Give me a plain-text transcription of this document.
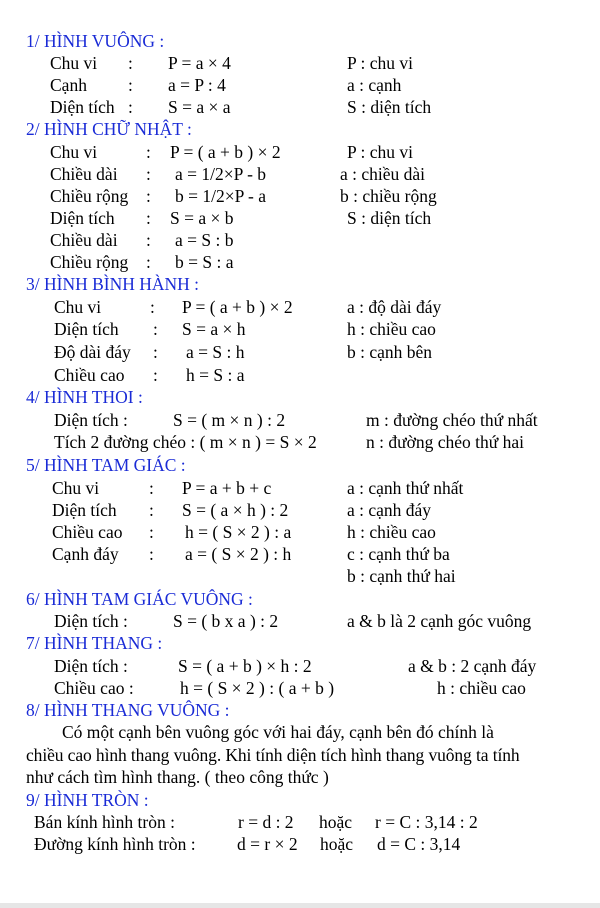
1/ HÌNH VUÔNG :
Chu vi : P = a × 4	P : chu vi
Cạnh : a = P : 4	a : cạnh
Diện tích : S = a × a	S : diện tích
2/ HÌNH CHỮ NHẬT :
Chu vi	: P = ( a + b ) × 2	P : chu vi
Chiều dài : a = 1/2×P - b	a : chiều dài
Chiều rộng : b = 1/2×P - a	b : chiều rộng
Diện tích : S = a × b	S : diện tích
Chiều dài : a = S : b
Chiều rộng : b = S : a
3/ HÌNH BÌNH HÀNH :
Chu vi	: P = ( a + b ) × 2	a : độ dài đáy
Diện tích : S = a × h	h : chiều cao
Độ dài đáy : a = S : h	b : cạnh bên
Chiều cao : h = S : a
4/ HÌNH THOI :
Diện tích :	S = ( m × n ) : 2	m : đường chéo thứ nhất
Tích 2 đường chéo : ( m × n ) = S × 2	n : đường chéo thứ hai
5/ HÌNH TAM GIÁC :
Chu vi	: P = a + b + c	a : cạnh thứ nhất
Diện tích : S = ( a × h ) : 2	a : cạnh đáy
Chiều cao : h = ( S × 2 ) : a	h : chiều cao
Cạnh đáy : a = ( S × 2 ) : h	c : cạnh thứ ba
b : cạnh thứ hai
6/ HÌNH TAM GIÁC VUÔNG :
Diện tích :	S = ( b x a ) : 2	a & b là 2 cạnh góc vuông
7/ HÌNH THANG :
Diện tích :	S = ( a + b ) × h : 2	a & b : 2 cạnh đáy
Chiều cao :	h = ( S × 2 ) : ( a + b )	h : chiều cao
8/ HÌNH THANG VUÔNG :
Có một cạnh bên vuông góc với hai đáy, cạnh bên đó chính là
chiều cao hình thang vuông. Khi tính diện tích hình thang vuông ta tính
như cách tìm hình thang. ( theo công thức )
9/ HÌNH TRÒN :
Bán kính hình tròn :	r = d : 2 hoặc r = C : 3,14 : 2
Đường kính hình tròn : d = r × 2 hoặc d = C : 3,14
